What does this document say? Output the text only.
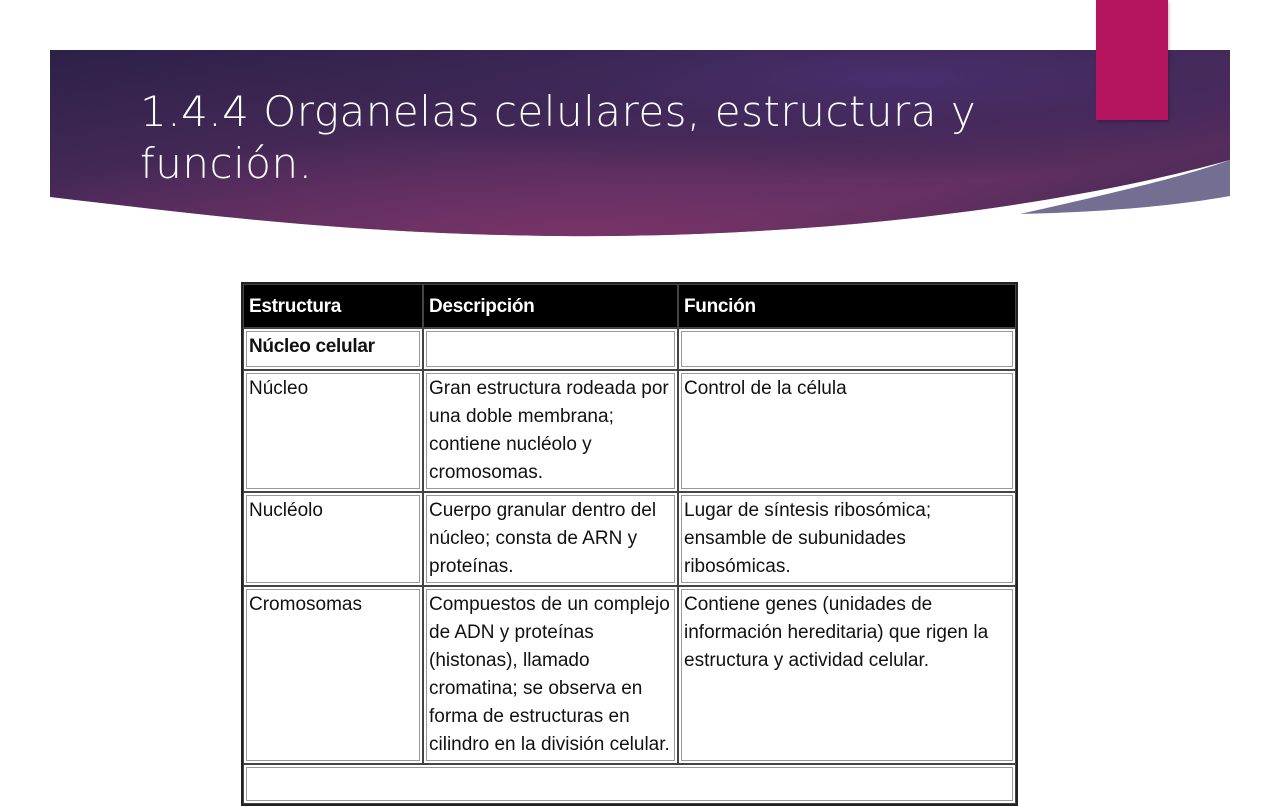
1.4.4 Organelas celulares, estructura y función.
Estructura	Descripción	Función
Núcleo celular		
Núcleo	Gran estructura rodeada por una doble membrana; contiene nucléolo y cromosomas.	Control de la célula
Nucléolo	Cuerpo granular dentro del núcleo; consta de ARN y proteínas.	Lugar de síntesis ribosómica; ensamble de subunidades ribosómicas.
Cromosomas	Compuestos de un complejo de ADN y proteínas (histonas), llamado cromatina; se observa en forma de estructuras en cilindro en la división celular.	Contiene genes (unidades de información hereditaria) que rigen la estructura y actividad celular.
